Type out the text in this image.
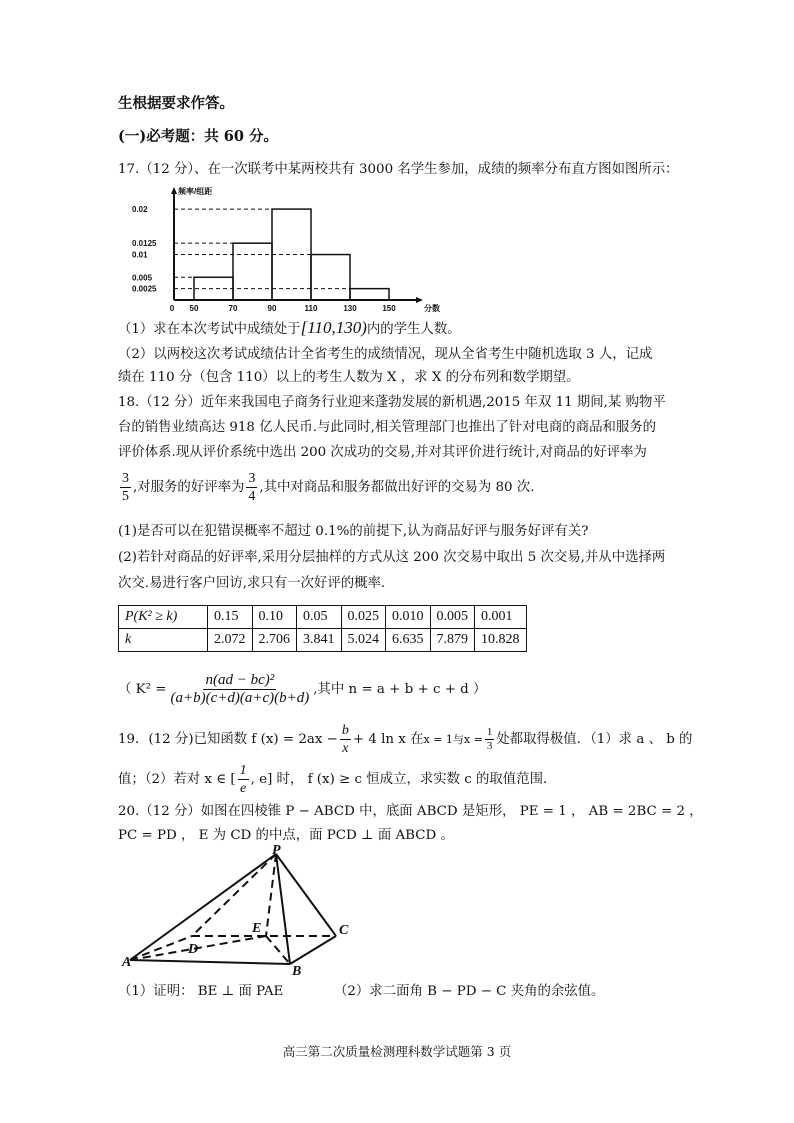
生根据要求作答。
(一)必考题：共 60 分。
17.（12 分）、在一次联考中某两校共有 3000 名学生参加，成绩的频率分布直方图如图所示：
0.02
0.0125
0.01
0.005
0.0025
0 50	70	90	110	130	150	分数
频率/组距
（1）求在本次考试中成绩处于[110,130)内的学生人数。
（2）以两校这次考试成绩估计全省考生的成绩情况，现从全省考生中随机选取 3 人，记成
绩在 110 分（包含 110）以上的考生人数为 X ，求 X 的分布列和数学期望。
18.（12 分）近年来我国电子商务行业迎来蓬勃发展的新机遇,2015 年双 11 期间,某 购物平
台的销售业绩高达 918 亿人民币.与此同时,相关管理部门也推出了针对电商的商品和服务的
评价体系.现从评价系统中选出 200 次成功的交易,并对其评价进行统计,对商品的好评率为
$\frac{3}{5}$ ,对服务的好评率为 $\frac{3}{4}$ ,其中对商品和服务都做出好评的交易为 80 次.
(1)是否可以在犯错误概率不超过 0.1%的前提下,认为商品好评与服务好评有关?
(2)若针对商品的好评率,采用分层抽样的方式从这 200 次交易中取出 5 次交易,并从中选择两
次交.易进行客户回访,求只有一次好评的概率.
P(K² ≥ k)	0.15	0.10	0.05	0.025	0.010	0.005	0.001
k	2.072	2.706	3.841	5.024	6.635	7.879	10.828
（ $K^2 = \frac{\text{n(ad − bc)²}}{(a+b)(c+d)(a+c)(b+d)}$ ,其中 n = a + b + c + d ）
19．(12 分)已知函数 f $(x) = 2ax - \frac{b}{x} + 4$ ln x 在x = 1与$x = \frac{1}{3}$ 处都取得极值．（1）求 a 、 b 的
值；（2）若对 x ∈ [ $\frac{1}{e}$ , e] 时， f (x) ≥ c 恒成立，求实数 c 的取值范围．
20.（12 分）如图在四棱锥 P − ABCD 中，底面 ABCD 是矩形， PE = 1 ， AB = 2BC = 2 ，
PC = PD ， E 为 CD 的中点，面 PCD ⊥ 面 ABCD 。
P
A
B
C
D
E
（1）证明： BE ⊥ 面 PAE	（2）求二面角 B − PD − C 夹角的余弦值。
高三第二次质量检测理科数学试题第 3 页
